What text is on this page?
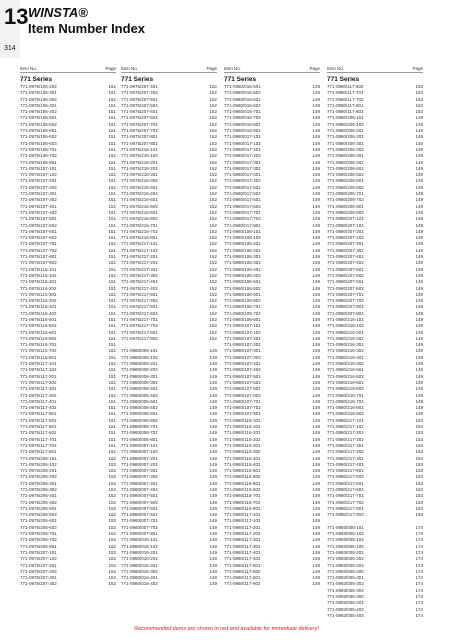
13
314
WINSTA®
Item Number Index
Item No.	Page
771 Series
771-0975/106-202	151
771-0975/106-301	151
771-0975/106-302	151
771-0975/106-401	151
771-0975/106-402	151
771-0975/106-501	151
771-0975/106-502	151
771-0975/106-601	151
771-0975/106-602	151
771-0975/106-603	151
771-0975/106-701	151
771-0975/106-702	151
771-0975/106-801	151
771-0975/107-101	151
771-0975/107-102	151
771-0975/107-201	151
771-0975/107-202	151
771-0975/107-301	151
771-0975/107-302	151
771-0975/107-401	151
771-0975/107-402	151
771-0975/107-501	151
771-0975/107-502	151
771-0975/107-601	151
771-0975/107-602	151
771-0975/107-701	151
771-0975/107-702	151
771-0975/107-801	151
771-0975/107-802	151
771-0975/116-101	151
771-0975/116-102	151
771-0975/116-201	151
771-0975/116-202	151
771-0975/116-301	151
771-0975/116-302	151
771-0975/116-401	151
771-0975/116-402	151
771-0975/116-501	151
771-0975/116-502	151
771-0975/116-601	151
771-0975/116-602	151
771-0975/116-701	151
771-0975/116-702	151
771-0975/116-801	151
771-0975/117-101	151
771-0975/117-102	151
771-0975/117-201	151
771-0975/117-202	151
771-0975/117-301	151
771-0975/117-302	151
771-0975/117-401	151
771-0975/117-402	151
771-0975/117-501	151
771-0975/117-502	151
771-0975/117-601	151
771-0975/117-602	151
771-0975/117-701	151
771-0975/117-702	151
771-0975/117-801	151
771-0975/206-101	152
771-0975/206-102	152
771-0975/206-201	152
771-0975/206-202	152
771-0975/206-301	152
771-0975/206-302	152
771-0975/206-401	152
771-0975/206-402	152
771-0975/206-501	152
771-0975/206-502	152
771-0975/206-601	152
771-0975/206-602	152
771-0975/206-701	152
771-0975/206-702	152
771-0975/206-801	152
771-0975/207-101	152
771-0975/207-102	152
771-0975/207-201	152
771-0975/207-202	152
771-0975/207-301	152
771-0975/207-302	152
Item No.	Page
771 Series
771-0975/207-401	152
771-0975/207-402	152
771-0975/207-501	152
771-0975/207-502	152
771-0975/207-601	152
771-0975/207-602	152
771-0975/207-701	152
771-0975/207-702	152
771-0975/207-801	152
771-0975/207-802	152
771-0975/216-101	152
771-0975/216-102	152
771-0975/216-201	152
771-0975/216-202	152
771-0975/216-301	152
771-0975/216-302	152
771-0975/216-401	152
771-0975/216-402	152
771-0975/216-501	152
771-0975/216-502	152
771-0975/216-601	152
771-0975/216-602	152
771-0975/216-701	152
771-0975/216-702	152
771-0975/216-801	152
771-0975/217-101	152
771-0975/217-102	152
771-0975/217-201	152
771-0975/217-202	152
771-0975/217-301	152
771-0975/217-302	152
771-0975/217-401	152
771-0975/217-402	152
771-0975/217-501	152
771-0975/217-502	152
771-0975/217-601	152
771-0975/217-602	152
771-0975/217-701	152
771-0975/217-702	152
771-0975/217-801	152
771-0975/217-802	152
771-0980/006-101	149
771-0980/006-102	149
771-0980/006-201	149
771-0980/006-202	149
771-0980/006-301	149
771-0980/006-302	149
771-0980/006-401	149
771-0980/006-402	149
771-0980/006-501	149
771-0980/006-502	149
771-0980/006-601	149
771-0980/006-602	149
771-0980/006-701	149
771-0980/006-702	149
771-0980/006-801	149
771-0980/007-101	149
771-0980/007-102	149
771-0980/007-201	149
771-0980/007-202	149
771-0980/007-301	149
771-0980/007-302	149
771-0980/007-401	149
771-0980/007-402	149
771-0980/007-501	149
771-0980/007-502	149
771-0980/007-601	149
771-0980/007-602	149
771-0980/007-701	149
771-0980/007-702	149
771-0980/007-801	149
771-0980/016-101	149
771-0980/016-102	149
771-0980/016-201	149
771-0980/016-202	149
771-0980/016-301	149
771-0980/016-302	149
771-0980/016-401	149
771-0980/016-402	149
Item No.	Page
771 Series
771-0980/016-501	149
771-0980/016-502	149
771-0980/016-601	149
771-0980/016-602	149
771-0980/016-701	149
771-0980/016-702	149
771-0980/016-801	149
771-0980/016-802	149
771-0980/017-101	149
771-0980/017-102	149
771-0980/017-201	149
771-0980/017-202	149
771-0980/017-301	149
771-0980/017-302	149
771-0980/017-401	149
771-0980/017-402	149
771-0980/017-501	149
771-0980/017-502	149
771-0980/017-601	149
771-0980/017-602	149
771-0980/017-701	149
771-0980/017-702	149
771-0980/017-801	149
771-0980/106-101	149
771-0980/106-102	149
771-0980/106-201	149
771-0980/106-202	149
771-0980/106-301	149
771-0980/106-302	149
771-0980/106-401	149
771-0980/106-402	149
771-0980/106-501	149
771-0980/106-502	149
771-0980/106-601	149
771-0980/106-602	149
771-0980/106-701	149
771-0980/106-702	149
771-0980/106-801	149
771-0980/107-101	149
771-0980/107-102	149
771-0980/107-201	149
771-0980/107-202	149
771-0980/107-301	149
771-0980/107-302	149
771-0980/107-401	149
771-0980/107-402	149
771-0980/107-501	149
771-0980/107-502	149
771-0980/107-601	149
771-0980/107-602	149
771-0980/107-701	149
771-0980/107-702	149
771-0980/107-801	149
771-0980/116-101	149
771-0980/116-102	149
771-0980/116-201	149
771-0980/116-202	149
771-0980/116-301	149
771-0980/116-302	149
771-0980/116-401	149
771-0980/116-402	149
771-0980/116-501	149
771-0980/116-502	149
771-0980/116-601	149
771-0980/116-602	149
771-0980/116-701	149
771-0980/116-702	149
771-0980/116-801	149
771-0980/117-101	149
771-0980/117-102	149
771-0980/117-201	149
771-0980/117-202	149
771-0980/117-301	149
771-0980/117-302	149
771-0980/117-401	149
771-0980/117-402	149
771-0980/117-501	149
771-0980/117-502	149
771-0980/117-601	149
771-0980/117-602	149
Item No.	Page
771 Series
771-0980/117-602	153
771-0980/117-701	153
771-0980/117-702	153
771-0980/117-801	153
771-0980/117-802	153
771-0980/206-101	149
771-0980/206-102	149
771-0980/206-201	149
771-0980/206-202	149
771-0980/206-301	149
771-0980/206-302	149
771-0980/206-401	149
771-0980/206-402	149
771-0980/206-501	149
771-0980/206-502	149
771-0980/206-601	149
771-0980/206-602	149
771-0980/206-701	149
771-0980/206-702	149
771-0980/206-801	149
771-0980/206-802	149
771-0980/207-101	149
771-0980/207-102	149
771-0980/207-201	149
771-0980/207-202	149
771-0980/207-301	149
771-0980/207-302	149
771-0980/207-401	149
771-0980/207-402	149
771-0980/207-501	149
771-0980/207-502	149
771-0980/207-601	149
771-0980/207-602	149
771-0980/207-701	149
771-0980/207-702	149
771-0980/207-801	149
771-0980/207-802	149
771-0980/216-101	149
771-0980/216-102	149
771-0980/216-201	149
771-0980/216-202	149
771-0980/216-301	149
771-0980/216-302	149
771-0980/216-401	149
771-0980/216-402	149
771-0980/216-501	149
771-0980/216-502	149
771-0980/216-601	149
771-0980/216-602	149
771-0980/216-701	149
771-0980/216-702	149
771-0980/216-801	149
771-0980/216-802	149
771-0980/217-101	153
771-0980/217-102	153
771-0980/217-201	153
771-0980/217-202	153
771-0980/217-301	153
771-0980/217-302	153
771-0980/217-401	153
771-0980/217-402	153
771-0980/217-501	153
771-0980/217-502	153
771-0980/217-601	153
771-0980/217-602	153
771-0980/217-701	153
771-0980/217-702	153
771-0980/217-801	153
771-0980/217-802	153
771-0993/005-101	174
771-0993/005-102	174
771-0993/005-104	174
771-0993/005-105	174
771-0993/005-201	174
771-0993/005-202	174
771-0993/005-204	174
771-0993/005-205	174
771-0993/005-301	174
771-0993/005-302	174
771-0993/005-304	174
771-0993/005-305	174
771-0993/005-401	174
771-0993/005-402	174
771-0993/005-404	174
Recommended items are shown in red and available for immediate delivery!
